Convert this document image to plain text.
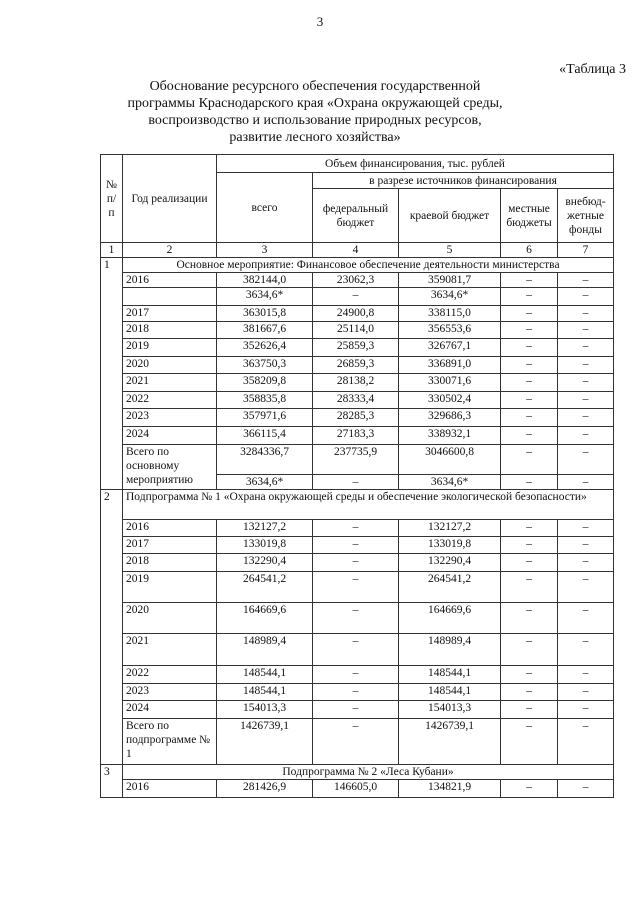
3
«Таблица 3
Обоснование ресурсного обеспечения государственной
программы Краснодарского края «Охрана окружающей среды,
воспроизводство и использование природных ресурсов,
развитие лесного хозяйства»
№ п/п	Год реализации	Объем финансирования, тыс. рублей				
		всего	в разрезе источников финансирования			
			федеральный бюджет	краевой бюджет	местные бюджеты	внебюд-жетные фонды
1	2	3	4	5	6	7
1	Основное мероприятие: Финансовое обеспечение деятельности министерства					
	2016	382144,0	23062,3	359081,7	–	–
		3634,6*	–	3634,6*	–	–
	2017	363015,8	24900,8	338115,0	–	–
	2018	381667,6	25114,0	356553,6	–	–
	2019	352626,4	25859,3	326767,1	–	–
	2020	363750,3	26859,3	336891,0	–	–
	2021	358209,8	28138,2	330071,6	–	–
	2022	358835,8	28333,4	330502,4	–	–
	2023	357971,6	28285,3	329686,3	–	–
	2024	366115,4	27183,3	338932,1	–	–
	Всего по основному мероприятию	3284336,7	237735,9	3046600,8	–	–
		3634,6*	–	3634,6*	–	–
2	Подпрограмма № 1 «Охрана окружающей среды и обеспечение экологической безопасности»					
	2016	132127,2	–	132127,2	–	–
	2017	133019,8	–	133019,8	–	–
	2018	132290,4	–	132290,4	–	–
	2019	264541,2	–	264541,2	–	–
	2020	164669,6	–	164669,6	–	–
	2021	148989,4	–	148989,4	–	–
	2022	148544,1	–	148544,1	–	–
	2023	148544,1	–	148544,1	–	–
	2024	154013,3	–	154013,3	–	–
	Всего по подпрограмме № 1	1426739,1	–	1426739,1	–	–
3	Подпрограмма № 2 «Леса Кубани»					
	2016	281426,9	146605,0	134821,9	–	–
